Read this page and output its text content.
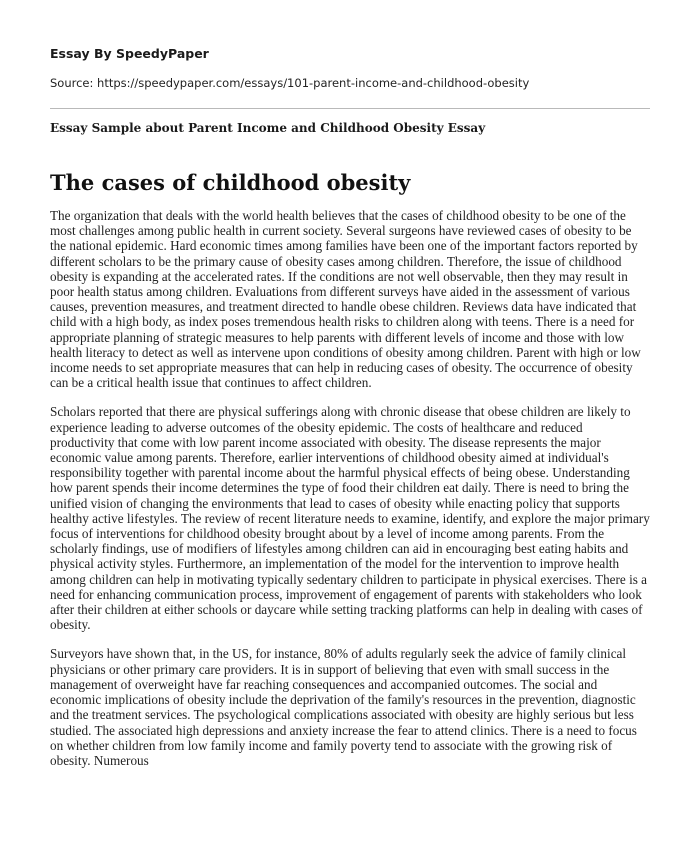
Essay By SpeedyPaper

Source: https://speedypaper.com/essays/101-parent-income-and-childhood-obesity

Essay Sample about Parent Income and Childhood Obesity Essay

The cases of childhood obesity

The organization that deals with the world health believes that the cases of childhood obesity to be one of the most challenges among public health in current society. Several surgeons have reviewed cases of obesity to be the national epidemic. Hard economic times among families have been one of the important factors reported by different scholars to be the primary cause of obesity cases among children. Therefore, the issue of childhood obesity is expanding at the accelerated rates. If the conditions are not well observable, then they may result in poor health status among children. Evaluations from different surveys have aided in the assessment of various causes, prevention measures, and treatment directed to handle obese children. Reviews data have indicated that child with a high body, as index poses tremendous health risks to children along with teens. There is a need for appropriate planning of strategic measures to help parents with different levels of income and those with low health literacy to detect as well as intervene upon conditions of obesity among children. Parent with high or low income needs to set appropriate measures that can help in reducing cases of obesity. The occurrence of obesity can be a critical health issue that continues to affect children.

Scholars reported that there are physical sufferings along with chronic disease that obese children are likely to experience leading to adverse outcomes of the obesity epidemic. The costs of healthcare and reduced productivity that come with low parent income associated with obesity. The disease represents the major economic value among parents. Therefore, earlier interventions of childhood obesity aimed at individual's responsibility together with parental income about the harmful physical effects of being obese. Understanding how parent spends their income determines the type of food their children eat daily. There is need to bring the unified vision of changing the environments that lead to cases of obesity while enacting policy that supports healthy active lifestyles. The review of recent literature needs to examine, identify, and explore the major primary focus of interventions for childhood obesity brought about by a level of income among parents. From the scholarly findings, use of modifiers of lifestyles among children can aid in encouraging best eating habits and physical activity styles. Furthermore, an implementation of the model for the intervention to improve health among children can help in motivating typically sedentary children to participate in physical exercises. There is a need for enhancing communication process, improvement of engagement of parents with stakeholders who look after their children at either schools or daycare while setting tracking platforms can help in dealing with cases of obesity.

Surveyors have shown that, in the US, for instance, 80% of adults regularly seek the advice of family clinical physicians or other primary care providers. It is in support of believing that even with small success in the management of overweight have far reaching consequences and accompanied outcomes. The social and economic implications of obesity include the deprivation of the family's resources in the prevention, diagnostic and the treatment services. The psychological complications associated with obesity are highly serious but less studied. The associated high depressions and anxiety increase the fear to attend clinics. There is a need to focus on whether children from low family income and family poverty tend to associate with the growing risk of obesity. Numerous
